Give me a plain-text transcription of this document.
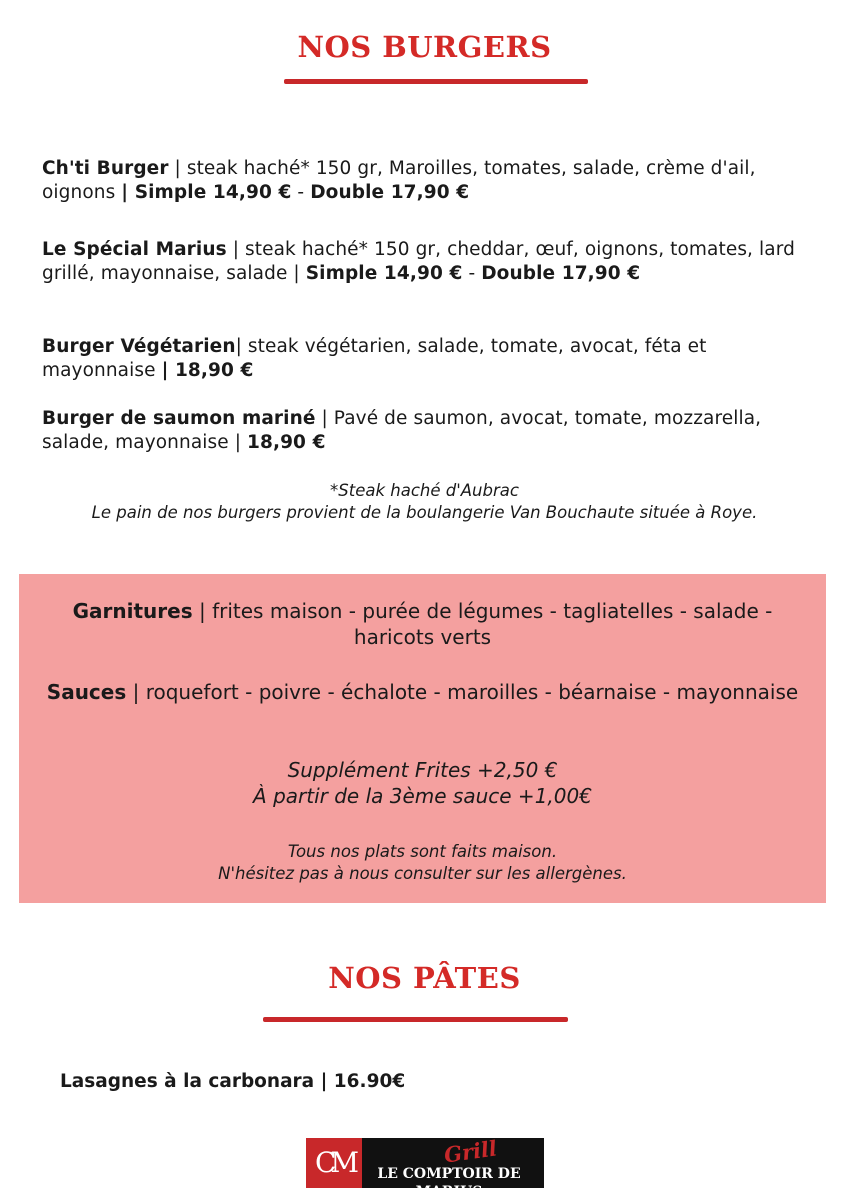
NOS BURGERS

Ch'ti Burger | steak haché* 150 gr, Maroilles, tomates, salade, crème d'ail, oignons | Simple 14,90 € - Double 17,90 €

Le Spécial Marius | steak haché* 150 gr, cheddar, œuf, oignons, tomates, lard grillé, mayonnaise, salade | Simple 14,90 € - Double 17,90 €

Burger Végétarien| steak végétarien, salade, tomate, avocat, féta et mayonnaise | 18,90 €

Burger de saumon mariné | Pavé de saumon, avocat, tomate, mozzarella, salade, mayonnaise | 18,90 €

*Steak haché d'Aubrac

Le pain de nos burgers provient de la boulangerie Van Bouchaute située à Roye.

Garnitures | frites maison - purée de légumes - tagliatelles - salade - haricots verts

Sauces | roquefort - poivre - échalote - maroilles - béarnaise - mayonnaise

Supplément Frites +2,50 €

À partir de la 3ème sauce +1,00€

Tous nos plats sont faits maison.

N'hésitez pas à nous consulter sur les allergènes.

NOS PÂTES

Lasagnes à la carbonara | 16.90€

CM	Grill
LE COMPTOIR DE MARIUS
